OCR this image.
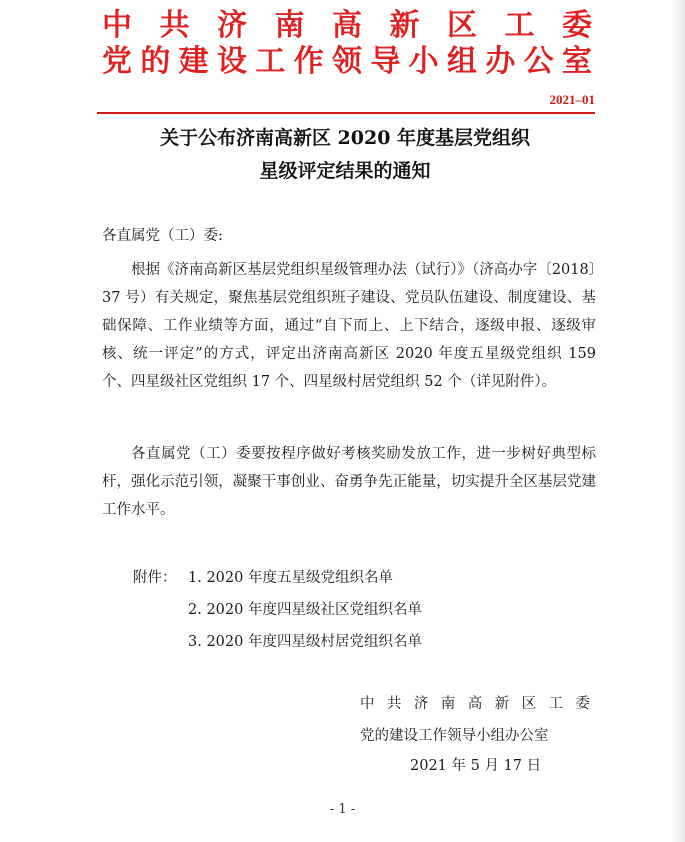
中共济南高新区工委
党的建设工作领导小组办公室
2021–01
关于公布济南高新区 2020 年度基层党组织
星级评定结果的通知
各直属党（工）委:
根据《济南高新区基层党组织星级管理办法（试行）》（济高办字〔2018〕37 号）有关规定，聚焦基层党组织班子建设、党员队伍建设、制度建设、基础保障、工作业绩等方面，通过“自下而上、上下结合，逐级申报、逐级审核、统一评定”的方式，评定出济南高新区 2020 年度五星级党组织 159 个、四星级社区党组织 17 个、四星级村居党组织 52 个（详见附件）。
各直属党（工）委要按程序做好考核奖励发放工作，进一步树好典型标杆，强化示范引领，凝聚干事创业、奋勇争先正能量，切实提升全区基层党建工作水平。
附件： 1. 2020 年度五星级党组织名单
2. 2020 年度四星级社区党组织名单
3. 2020 年度四星级村居党组织名单
中共济南高新区工委
党的建设工作领导小组办公室
2021 年 5 月 17 日
- 1 -
